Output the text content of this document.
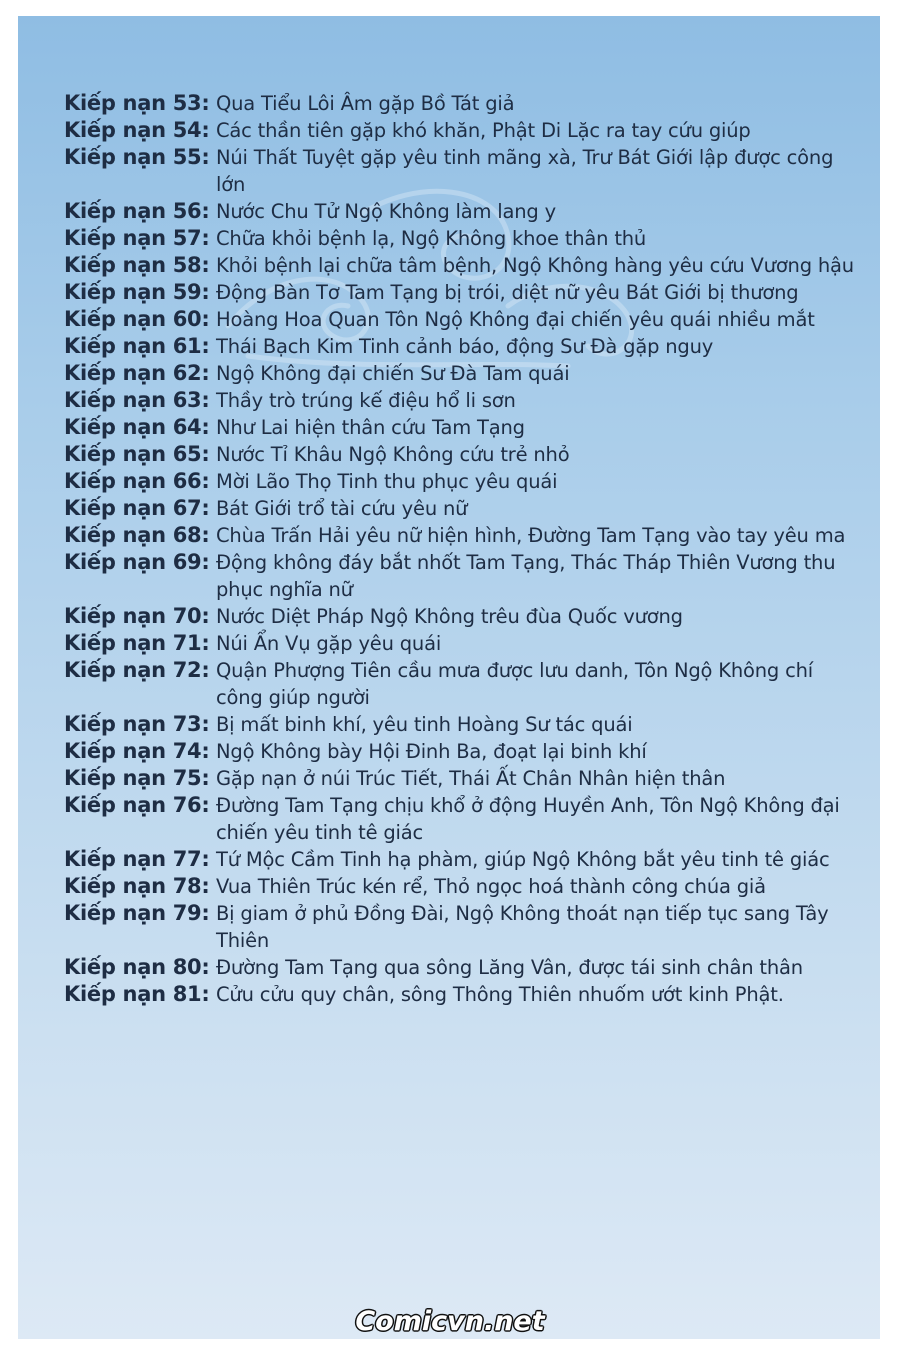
Kiếp nạn 53: Qua Tiểu Lôi Âm gặp Bồ Tát giả
Kiếp nạn 54: Các thần tiên gặp khó khăn, Phật Di Lặc ra tay cứu giúp
Kiếp nạn 55: Núi Thất Tuyệt gặp yêu tinh mãng xà, Trư Bát Giới lập được công lớn
Kiếp nạn 56: Nước Chu Tử Ngộ Không làm lang y
Kiếp nạn 57: Chữa khỏi bệnh lạ, Ngộ Không khoe thân thủ
Kiếp nạn 58: Khỏi bệnh lại chữa tâm bệnh, Ngộ Không hàng yêu cứu Vương hậu
Kiếp nạn 59: Động Bàn Tơ Tam Tạng bị trói, diệt nữ yêu Bát Giới bị thương
Kiếp nạn 60: Hoàng Hoa Quan Tôn Ngộ Không đại chiến yêu quái nhiều mắt
Kiếp nạn 61: Thái Bạch Kim Tinh cảnh báo, động Sư Đà gặp nguy
Kiếp nạn 62: Ngộ Không đại chiến Sư Đà Tam quái
Kiếp nạn 63: Thầy trò trúng kế điệu hổ li sơn
Kiếp nạn 64: Như Lai hiện thân cứu Tam Tạng
Kiếp nạn 65: Nước Tỉ Khâu Ngộ Không cứu trẻ nhỏ
Kiếp nạn 66: Mời Lão Thọ Tinh thu phục yêu quái
Kiếp nạn 67: Bát Giới trổ tài cứu yêu nữ
Kiếp nạn 68: Chùa Trấn Hải yêu nữ hiện hình, Đường Tam Tạng vào tay yêu ma
Kiếp nạn 69: Động không đáy bắt nhốt Tam Tạng, Thác Tháp Thiên Vương thu phục nghĩa nữ
Kiếp nạn 70: Nước Diệt Pháp Ngộ Không trêu đùa Quốc vương
Kiếp nạn 71: Núi Ẩn Vụ gặp yêu quái
Kiếp nạn 72: Quận Phượng Tiên cầu mưa được lưu danh, Tôn Ngộ Không chí công giúp người
Kiếp nạn 73: Bị mất binh khí, yêu tinh Hoàng Sư tác quái
Kiếp nạn 74: Ngộ Không bày Hội Đinh Ba, đoạt lại binh khí
Kiếp nạn 75: Gặp nạn ở núi Trúc Tiết, Thái Ất Chân Nhân hiện thân
Kiếp nạn 76: Đường Tam Tạng chịu khổ ở động Huyền Anh, Tôn Ngộ Không đại chiến yêu tinh tê giác
Kiếp nạn 77: Tứ Mộc Cầm Tinh hạ phàm, giúp Ngộ Không bắt yêu tinh tê giác
Kiếp nạn 78: Vua Thiên Trúc kén rể, Thỏ ngọc hoá thành công chúa giả
Kiếp nạn 79: Bị giam ở phủ Đồng Đài, Ngộ Không thoát nạn tiếp tục sang Tây Thiên
Kiếp nạn 80: Đường Tam Tạng qua sông Lăng Vân, được tái sinh chân thân
Kiếp nạn 81: Cửu cửu quy chân, sông Thông Thiên nhuốm ướt kinh Phật.
Comicvn.net
